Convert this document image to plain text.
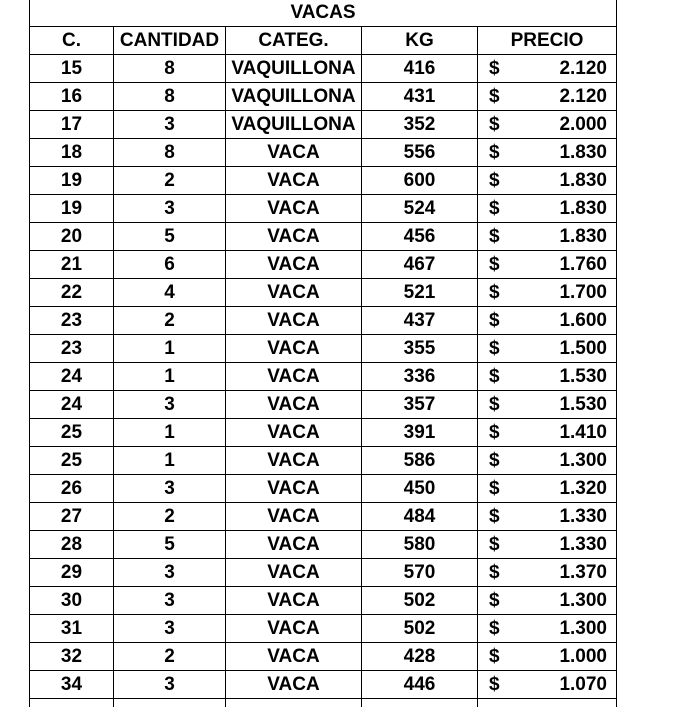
VACAS				
C.	CANTIDAD	CATEG.	KG	PRECIO
15	8	VAQUILLONA	416	$ 2.120
16	8	VAQUILLONA	431	$ 2.120
17	3	VAQUILLONA	352	$ 2.000
18	8	VACA	556	$ 1.830
19	2	VACA	600	$ 1.830
19	3	VACA	524	$ 1.830
20	5	VACA	456	$ 1.830
21	6	VACA	467	$ 1.760
22	4	VACA	521	$ 1.700
23	2	VACA	437	$ 1.600
23	1	VACA	355	$ 1.500
24	1	VACA	336	$ 1.530
24	3	VACA	357	$ 1.530
25	1	VACA	391	$ 1.410
25	1	VACA	586	$ 1.300
26	3	VACA	450	$ 1.320
27	2	VACA	484	$ 1.330
28	5	VACA	580	$ 1.330
29	3	VACA	570	$ 1.370
30	3	VACA	502	$ 1.300
31	3	VACA	502	$ 1.300
32	2	VACA	428	$ 1.000
34	3	VACA	446	$ 1.070
